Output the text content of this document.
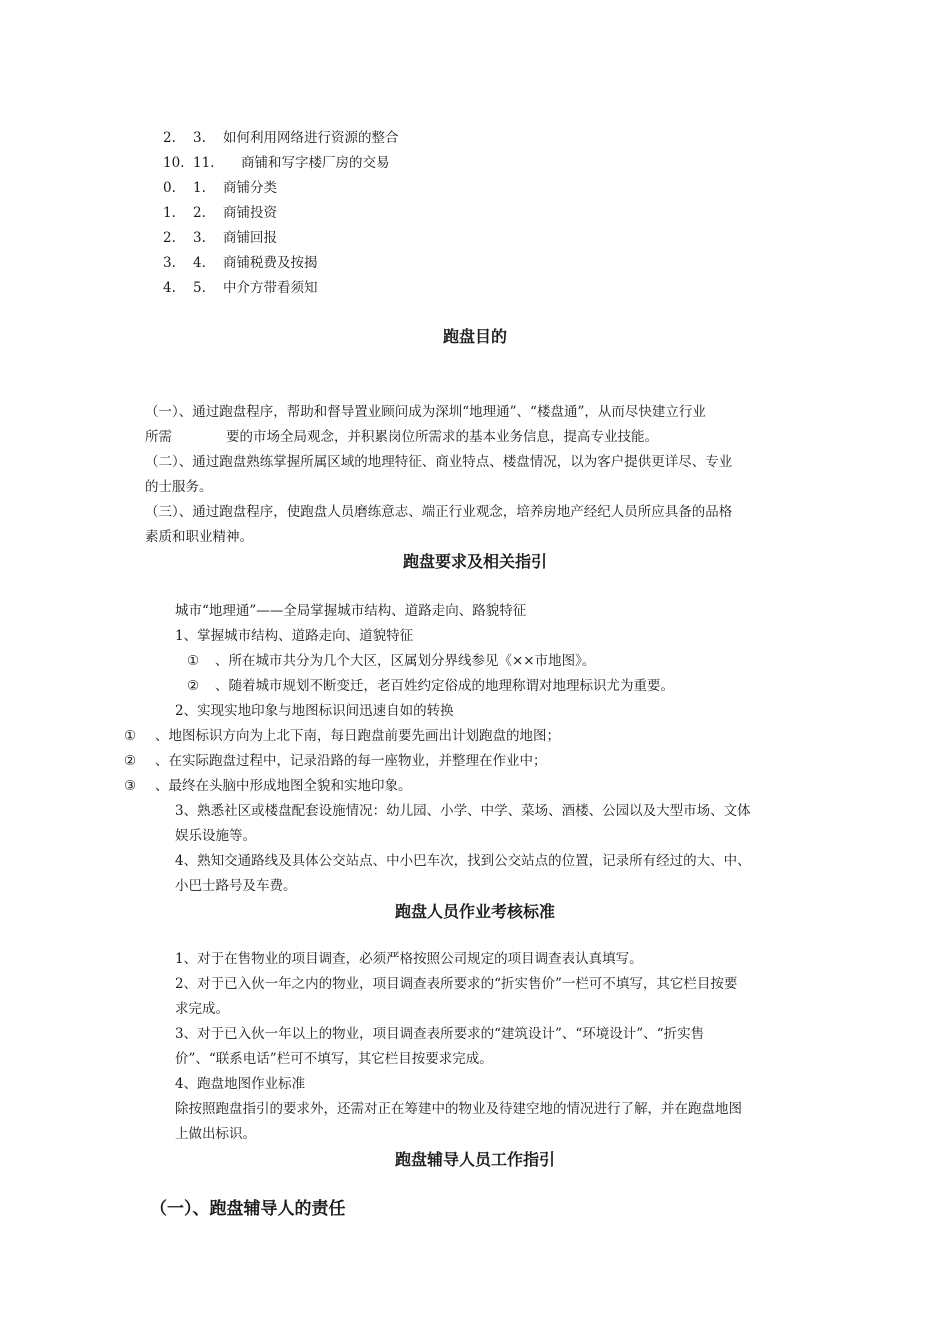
2. 3. 如何利用网络进行资源的整合
10. 11. 商铺和写字楼厂房的交易
0. 1. 商铺分类
1. 2. 商铺投资
2. 3. 商铺回报
3. 4. 商铺税费及按揭
4. 5. 中介方带看须知
跑盘目的
（一）、通过跑盘程序，帮助和督导置业顾问成为深圳“地理通”、“楼盘通”，从而尽快建立行业
所需	要的市场全局观念，并积累岗位所需求的基本业务信息，提高专业技能。
（二）、通过跑盘熟练掌握所属区域的地理特征、商业特点、楼盘情况，以为客户提供更详尽、专业
的士服务。
（三）、通过跑盘程序，使跑盘人员磨练意志、端正行业观念，培养房地产经纪人员所应具备的品格
素质和职业精神。
跑盘要求及相关指引
城市“地理通”——全局掌握城市结构、道路走向、路貌特征
1、掌握城市结构、道路走向、道貌特征
① 、所在城市共分为几个大区，区属划分界线参见《××市地图》。
② 、随着城市规划不断变迁，老百姓约定俗成的地理称谓对地理标识尤为重要。
2、实现实地印象与地图标识间迅速自如的转换
① 、地图标识方向为上北下南，每日跑盘前要先画出计划跑盘的地图；
② 、在实际跑盘过程中，记录沿路的每一座物业，并整理在作业中；
③ 、最终在头脑中形成地图全貌和实地印象。
3、熟悉社区或楼盘配套设施情况：幼儿园、小学、中学、菜场、酒楼、公园以及大型市场、文体
娱乐设施等。
4、熟知交通路线及具体公交站点、中小巴车次，找到公交站点的位置，记录所有经过的大、中、
小巴士路号及车费。
跑盘人员作业考核标准
1、对于在售物业的项目调查，必须严格按照公司规定的项目调查表认真填写。
2、对于已入伙一年之内的物业，项目调查表所要求的“折实售价”一栏可不填写，其它栏目按要
求完成。
3、对于已入伙一年以上的物业，项目调查表所要求的“建筑设计”、“环境设计”、“折实售
价”、“联系电话”栏可不填写，其它栏目按要求完成。
4、跑盘地图作业标准
除按照跑盘指引的要求外，还需对正在筹建中的物业及待建空地的情况进行了解，并在跑盘地图
上做出标识。
跑盘辅导人员工作指引
（一）、跑盘辅导人的责任
